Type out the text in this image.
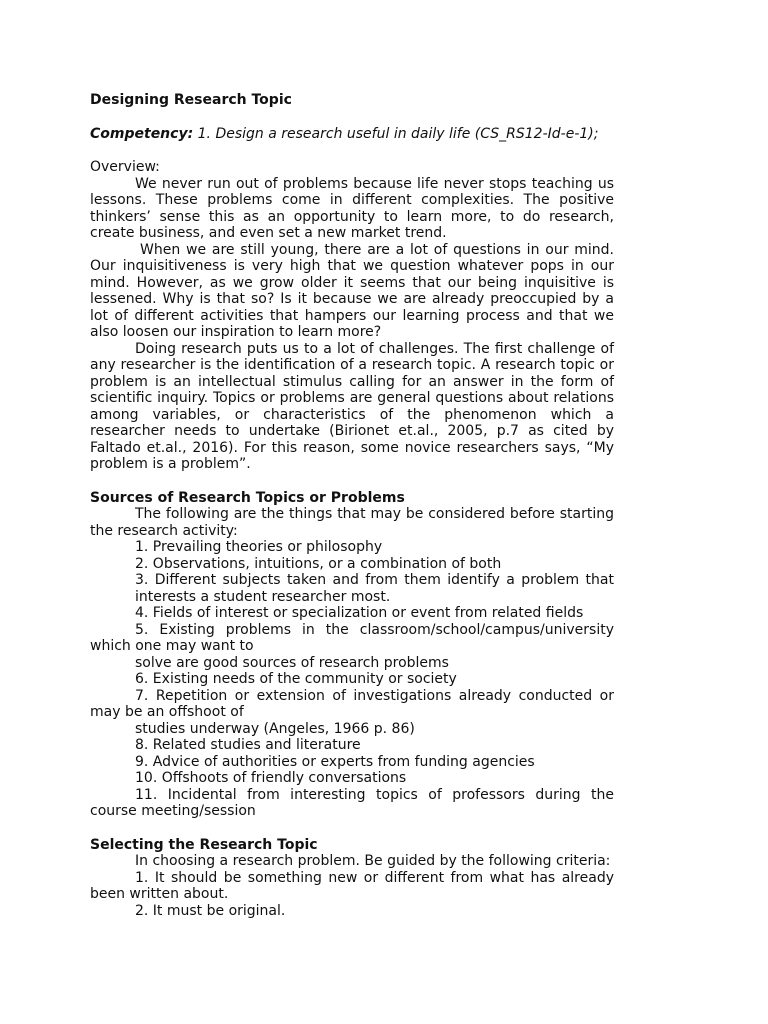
Designing Research Topic

Competency: 1. Design a research useful in daily life (CS_RS12-Id-e-1);

Overview:

We never run out of problems because life never stops teaching us lessons. These problems come in different complexities. The positive thinkers’ sense this as an opportunity to learn more, to do research, create business, and even set a new market trend.

When we are still young, there are a lot of questions in our mind. Our inquisitiveness is very high that we question whatever pops in our mind. However, as we grow older it seems that our being inquisitive is lessened. Why is that so? Is it because we are already preoccupied by a lot of different activities that hampers our learning process and that we also loosen our inspiration to learn more?

Doing research puts us to a lot of challenges. The first challenge of any researcher is the identification of a research topic. A research topic or problem is an intellectual stimulus calling for an answer in the form of scientific inquiry. Topics or problems are general questions about relations among variables, or characteristics of the phenomenon which a researcher needs to undertake (Birionet et.al., 2005, p.7 as cited by Faltado et.al., 2016). For this reason, some novice researchers says, “My problem is a problem”.

Sources of Research Topics or Problems

The following are the things that may be considered before starting the research activity:

1. Prevailing theories or philosophy

2. Observations, intuitions, or a combination of both

3. Different subjects taken and from them identify a problem that interests a student researcher most.

4. Fields of interest or specialization or event from related fields

5. Existing problems in the classroom/school/campus/university which one may want to

solve are good sources of research problems

6. Existing needs of the community or society

7. Repetition or extension of investigations already conducted or may be an offshoot of

studies underway (Angeles, 1966 p. 86)

8. Related studies and literature

9. Advice of authorities or experts from funding agencies

10. Offshoots of friendly conversations

11. Incidental from interesting topics of professors during the course meeting/session

Selecting the Research Topic

In choosing a research problem. Be guided by the following criteria:

1. It should be something new or different from what has already been written about.

2. It must be original.
